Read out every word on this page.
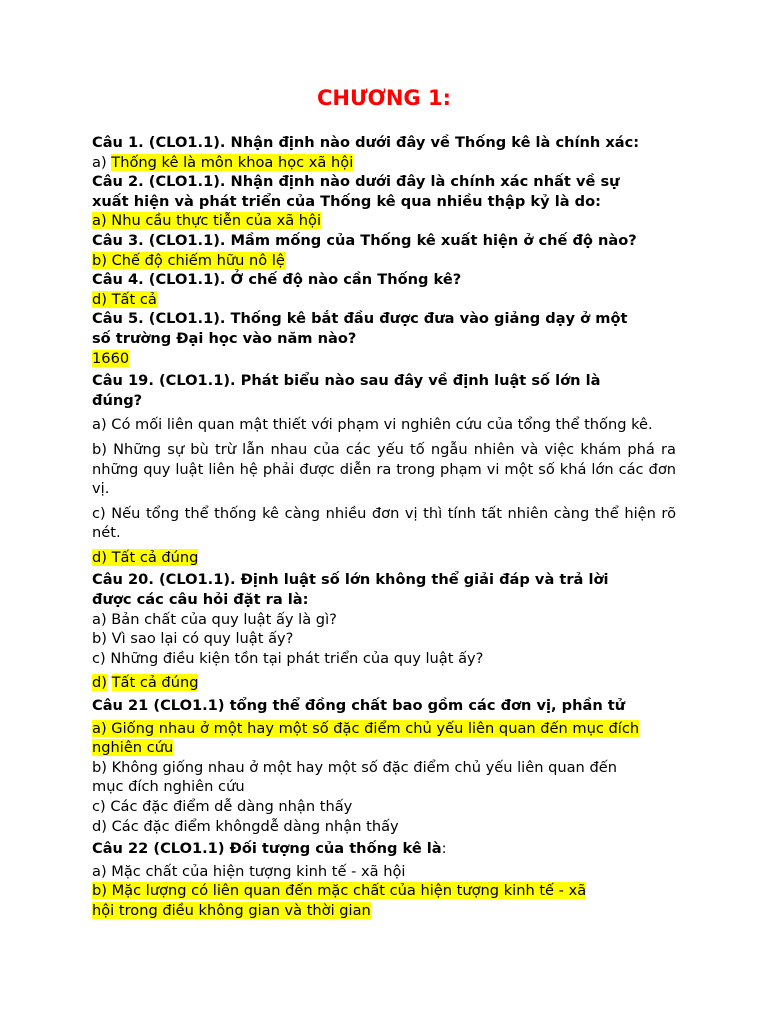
CHƯƠNG 1:

Câu 1. (CLO1.1). Nhận định nào dưới đây về Thống kê là chính xác:

a) Thống kê là môn khoa học xã hội

Câu 2. (CLO1.1). Nhận định nào dưới đây là chính xác nhất về sự

xuất hiện và phát triển của Thống kê qua nhiều thập kỷ là do:

a) Nhu cầu thực tiễn của xã hội

Câu 3. (CLO1.1). Mầm mống của Thống kê xuất hiện ở chế độ nào?

b) Chế độ chiếm hữu nô lệ

Câu 4. (CLO1.1). Ở chế độ nào cần Thống kê?

d) Tất cả

Câu 5. (CLO1.1). Thống kê bắt đầu được đưa vào giảng dạy ở một

số trường Đại học vào năm nào?

1660

Câu 19. (CLO1.1). Phát biểu nào sau đây về định luật số lớn là

đúng?

a) Có mối liên quan mật thiết với phạm vi nghiên cứu của tổng thể thống kê.

b) Những sự bù trừ lẫn nhau của các yếu tố ngẫu nhiên và việc khám phá ra những quy luật liên hệ phải được diễn ra trong phạm vi một số khá lớn các đơn vị.

c) Nếu tổng thể thống kê càng nhiều đơn vị thì tính tất nhiên càng thể hiện rõ nét.

d) Tất cả đúng

Câu 20. (CLO1.1). Định luật số lớn không thể giải đáp và trả lời

được các câu hỏi đặt ra là:

a) Bản chất của quy luật ấy là gì?

b) Vì sao lại có quy luật ấy?

c) Những điều kiện tồn tại phát triển của quy luật ấy?

d) Tất cả đúng

Câu 21 (CLO1.1) tổng thể đồng chất bao gồm các đơn vị, phần tử

a) Giống nhau ở một hay một số đặc điểm chủ yếu liên quan đến mục đích

nghiên cứu

b) Không giống nhau ở một hay một số đặc điểm chủ yếu liên quan đến

mục đích nghiên cứu

c) Các đặc điểm dễ dàng nhận thấy

d) Các đặc điểm khôngdễ dàng nhận thấy

Câu 22 (CLO1.1) Đối tượng của thống kê là:

a) Mặc chất của hiện tượng kinh tế - xã hội

b) Mặc lượng có liên quan đến mặc chất của hiện tượng kinh tế - xã

hội trong điều không gian và thời gian
